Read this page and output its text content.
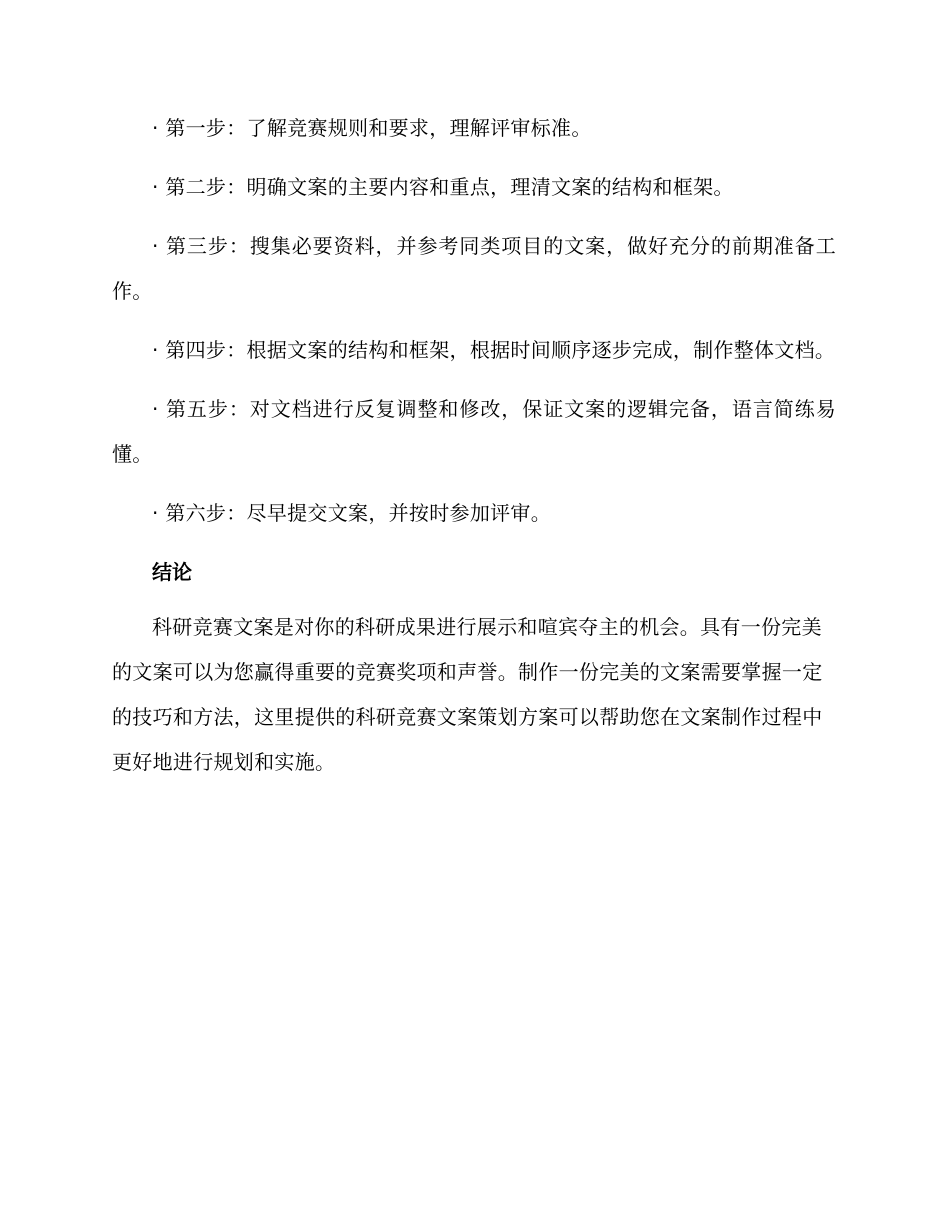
· 第一步：了解竞赛规则和要求，理解评审标准。

· 第二步：明确文案的主要内容和重点，理清文案的结构和框架。

· 第三步：搜集必要资料，并参考同类项目的文案，做好充分的前期准备工作。

· 第四步：根据文案的结构和框架，根据时间顺序逐步完成，制作整体文档。

· 第五步：对文档进行反复调整和修改，保证文案的逻辑完备，语言简练易懂。

· 第六步：尽早提交文案，并按时参加评审。

结论

科研竞赛文案是对你的科研成果进行展示和喧宾夺主的机会。具有一份完美的文案可以为您赢得重要的竞赛奖项和声誉。制作一份完美的文案需要掌握一定的技巧和方法，这里提供的科研竞赛文案策划方案可以帮助您在文案制作过程中更好地进行规划和实施。
